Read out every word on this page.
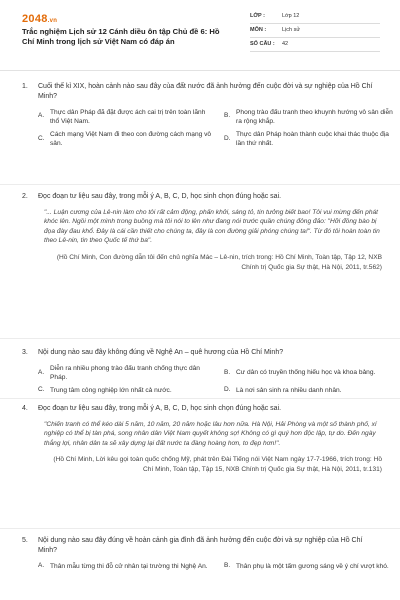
2048.vn
Trắc nghiệm Lịch sử 12 Cánh diều ôn tập Chủ đề 6: Hồ Chí Minh trong lịch sử Việt Nam có đáp án
LỚP :	Lớp 12
MÔN :	Lịch sử
SỐ CÂU :	42
1.	Cuối thế kỉ XIX, hoàn cảnh nào sau đây của đất nước đã ảnh hưởng đến cuộc đời và sự nghiệp của Hồ Chí Minh?
A.
Thực dân Pháp đã đặt được ách cai trị trên toàn lãnh thổ Việt Nam.
B.
Phong trào đấu tranh theo khuynh hướng vô sản diễn ra rộng khắp.
C.
Cách mạng Việt Nam đi theo con đường cách mạng vô sản.
D.
Thực dân Pháp hoàn thành cuộc khai thác thuộc địa lần thứ nhất.
2.	Đọc đoạn tư liệu sau đây, trong mỗi ý A, B, C, D, học sinh chọn đúng hoặc sai.
"... Luận cương của Lê-nin làm cho tôi rất cảm động, phấn khởi, sáng tỏ, tin tưởng biết bao! Tôi vui mừng đến phát khóc lên. Ngồi một mình trong buồng mà tôi nói to lên như đang nói trước quần chúng đông đảo: "Hỡi đồng bào bị đọa đày đau khổ. Đây là cái cần thiết cho chúng ta, đây là con đường giải phóng chúng ta!". Từ đó tôi hoàn toàn tin theo Lê-nin, tin theo Quốc tế thứ ba".
(Hồ Chí Minh, Con đường dẫn tôi đến chủ nghĩa Mác – Lê-nin, trích trong: Hồ Chí Minh, Toàn tập, Tập 12, NXB Chính trị Quốc gia Sự thật, Hà Nội, 2011, tr.562)
3.	Nội dung nào sau đây không đúng về Nghệ An – quê hương của Hồ Chí Minh?
A.
Diễn ra nhiều phong trào đấu tranh chống thực dân Pháp.
B. Cư dân có truyền thống hiếu học và khoa bảng.
C. Trung tâm công nghiệp lớn nhất cả nước.	D. Là nơi sản sinh ra nhiều danh nhân.
4.	Đọc đoạn tư liệu sau đây, trong mỗi ý A, B, C, D, học sinh chọn đúng hoặc sai.
"Chiến tranh có thể kéo dài 5 năm, 10 năm, 20 năm hoặc lâu hơn nữa. Hà Nội, Hải Phòng và một số thành phố, xí nghiệp có thể bị tàn phá, song nhân dân Việt Nam quyết không sợ! Không có gì quý hơn độc lập, tự do. Đến ngày thắng lợi, nhân dân ta sẽ xây dựng lại đất nước ta đàng hoàng hơn, to đẹp hơn!".
(Hồ Chí Minh, Lời kêu gọi toàn quốc chống Mỹ, phát trên Đài Tiếng nói Việt Nam ngày 17-7-1966, trích trong: Hồ Chí Minh, Toàn tập, Tập 15, NXB Chính trị Quốc gia Sự thật, Hà Nội, 2011, tr.131)
5.	Nội dung nào sau đây đúng về hoàn cảnh gia đình đã ảnh hưởng đến cuộc đời và sự nghiệp của Hồ Chí Minh?
A. Thân mẫu từng thi đỗ cử nhân tại trường thi Nghệ An.	B. Thân phụ là một tấm gương sáng về ý chí vượt khó.
